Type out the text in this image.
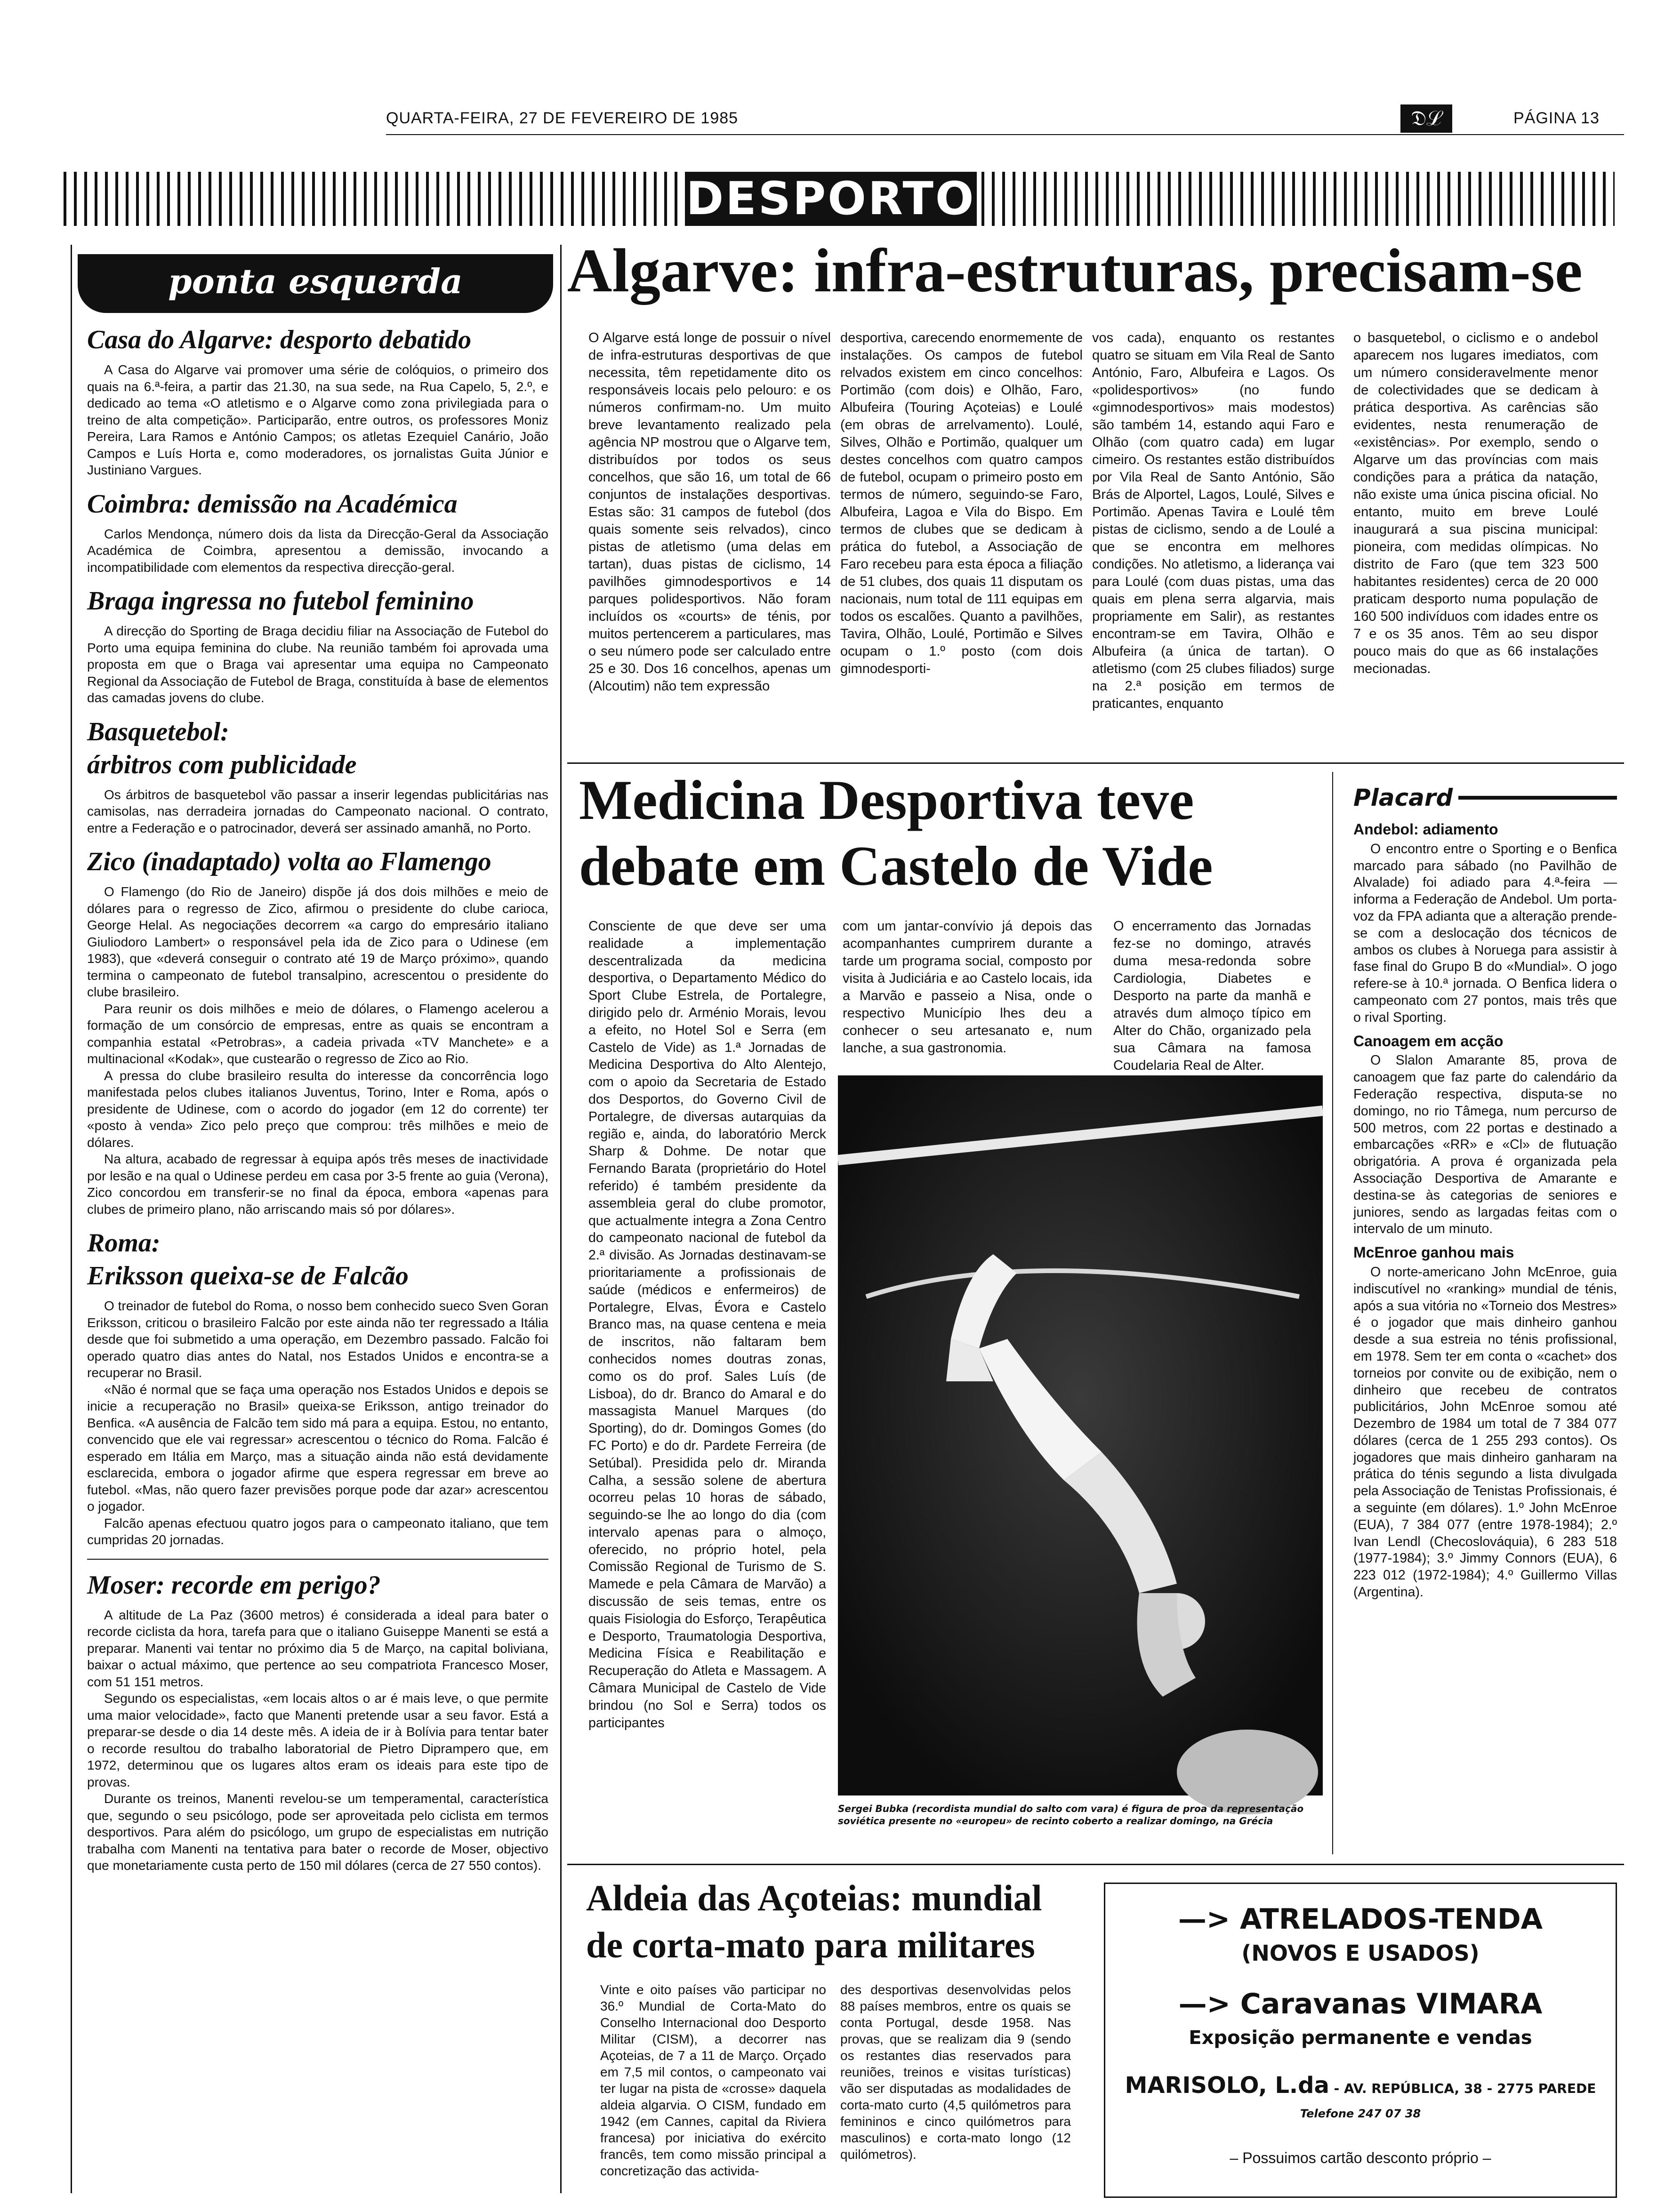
QUARTA-FEIRA, 27 DE FEVEREIRO DE 1985	𝔇ℒ	PÁGINA 13
DESPORTO
ponta esquerda
Casa do Algarve: desporto debatido

A Casa do Algarve vai promover uma série de colóquios, o primeiro dos quais na 6.ª-feira, a partir das 21.30, na sua sede, na Rua Capelo, 5, 2.º, e dedicado ao tema «O atletismo e o Algarve como zona privilegiada para o treino de alta competição». Participarão, entre outros, os professores Moniz Pereira, Lara Ramos e António Campos; os atletas Ezequiel Canário, João Campos e Luís Horta e, como moderadores, os jornalistas Guita Júnior e Justiniano Vargues.

Coimbra: demissão na Académica

Carlos Mendonça, número dois da lista da Direcção-Geral da Associação Académica de Coimbra, apresentou a demissão, invocando a incompatibilidade com elementos da respectiva direcção-geral.

Braga ingressa no futebol feminino

A direcção do Sporting de Braga decidiu filiar na Associação de Futebol do Porto uma equipa feminina do clube. Na reunião também foi aprovada uma proposta em que o Braga vai apresentar uma equipa no Campeonato Regional da Associação de Futebol de Braga, constituída à base de elementos das camadas jovens do clube.

Basquetebol:
árbitros com publicidade

Os árbitros de basquetebol vão passar a inserir legendas publicitárias nas camisolas, nas derradeira jornadas do Campeonato nacional. O contrato, entre a Federação e o patrocinador, deverá ser assinado amanhã, no Porto.

Zico (inadaptado) volta ao Flamengo

O Flamengo (do Rio de Janeiro) dispõe já dos dois milhões e meio de dólares para o regresso de Zico, afirmou o presidente do clube carioca, George Helal. As negociações decorrem «a cargo do empresário italiano Giuliodoro Lambert» o responsável pela ida de Zico para o Udinese (em 1983), que «deverá conseguir o contrato até 19 de Março próximo», quando termina o campeonato de futebol transalpino, acrescentou o presidente do clube brasileiro.

Para reunir os dois milhões e meio de dólares, o Flamengo acelerou a formação de um consórcio de empresas, entre as quais se encontram a companhia estatal «Petrobras», a cadeia privada «TV Manchete» e a multinacional «Kodak», que custearão o regresso de Zico ao Rio.

A pressa do clube brasileiro resulta do interesse da concorrência logo manifestada pelos clubes italianos Juventus, Torino, Inter e Roma, após o presidente de Udinese, com o acordo do jogador (em 12 do corrente) ter «posto à venda» Zico pelo preço que comprou: três milhões e meio de dólares.

Na altura, acabado de regressar à equipa após três meses de inactividade por lesão e na qual o Udinese perdeu em casa por 3-5 frente ao guia (Verona), Zico concordou em transferir-se no final da época, embora «apenas para clubes de primeiro plano, não arriscando mais só por dólares».

Roma:
Eriksson queixa-se de Falcão

O treinador de futebol do Roma, o nosso bem conhecido sueco Sven Goran Eriksson, criticou o brasileiro Falcão por este ainda não ter regressado a Itália desde que foi submetido a uma operação, em Dezembro passado. Falcão foi operado quatro dias antes do Natal, nos Estados Unidos e encontra-se a recuperar no Brasil.

«Não é normal que se faça uma operação nos Estados Unidos e depois se inicie a recuperação no Brasil» queixa-se Eriksson, antigo treinador do Benfica. «A ausência de Falcão tem sido má para a equipa. Estou, no entanto, convencido que ele vai regressar» acrescentou o técnico do Roma. Falcão é esperado em Itália em Março, mas a situação ainda não está devidamente esclarecida, embora o jogador afirme que espera regressar em breve ao futebol. «Mas, não quero fazer previsões porque pode dar azar» acrescentou o jogador.

Falcão apenas efectuou quatro jogos para o campeonato italiano, que tem cumpridas 20 jornadas.

Moser: recorde em perigo?

A altitude de La Paz (3600 metros) é considerada a ideal para bater o recorde ciclista da hora, tarefa para que o italiano Guiseppe Manenti se está a preparar. Manenti vai tentar no próximo dia 5 de Março, na capital boliviana, baixar o actual máximo, que pertence ao seu compatriota Francesco Moser, com 51 151 metros.

Segundo os especialistas, «em locais altos o ar é mais leve, o que permite uma maior velocidade», facto que Manenti pretende usar a seu favor. Está a preparar-se desde o dia 14 deste mês. A ideia de ir à Bolívia para tentar bater o recorde resultou do trabalho laboratorial de Pietro Diprampero que, em 1972, determinou que os lugares altos eram os ideais para este tipo de provas.

Durante os treinos, Manenti revelou-se um temperamental, característica que, segundo o seu psicólogo, pode ser aproveitada pelo ciclista em termos desportivos. Para além do psicólogo, um grupo de especialistas em nutrição trabalha com Manenti na tentativa para bater o recorde de Moser, objectivo que monetariamente custa perto de 150 mil dólares (cerca de 27 550 contos).

Algarve: infra-estruturas, precisam-se
O Algarve está longe de possuir o nível de infra-estruturas desportivas de que necessita, têm repetidamente dito os responsáveis locais pelo pelouro: e os números confirmam-no. Um muito breve levantamento realizado pela agência NP mostrou que o Algarve tem, distribuídos por todos os seus concelhos, que são 16, um total de 66 conjuntos de instalações desportivas. Estas são: 31 campos de futebol (dos quais somente seis relvados), cinco pistas de atletismo (uma delas em tartan), duas pistas de ciclismo, 14 pavilhões gimnodesportivos e 14 parques polidesportivos. Não foram incluídos os «courts» de ténis, por muitos pertencerem a particulares, mas o seu número pode ser calculado entre 25 e 30. Dos 16 concelhos, apenas um (Alcoutim) não tem expressão
desportiva, carecendo enormemente de instalações. Os campos de futebol relvados existem em cinco concelhos: Portimão (com dois) e Olhão, Faro, Albufeira (Touring Açoteias) e Loulé (em obras de arrelvamento). Loulé, Silves, Olhão e Portimão, qualquer um destes concelhos com quatro campos de futebol, ocupam o primeiro posto em termos de número, seguindo-se Faro, Albufeira, Lagoa e Vila do Bispo. Em termos de clubes que se dedicam à prática do futebol, a Associação de Faro recebeu para esta época a filiação de 51 clubes, dos quais 11 disputam os nacionais, num total de 111 equipas em todos os escalões. Quanto a pavilhões, Tavira, Olhão, Loulé, Portimão e Silves ocupam o 1.º posto (com dois gimnodesporti-
vos cada), enquanto os restantes quatro se situam em Vila Real de Santo António, Faro, Albufeira e Lagos. Os «polidesportivos» (no fundo «gimnodesportivos» mais modestos) são também 14, estando aqui Faro e Olhão (com quatro cada) em lugar cimeiro. Os restantes estão distribuídos por Vila Real de Santo António, São Brás de Alportel, Lagos, Loulé, Silves e Portimão. Apenas Tavira e Loulé têm pistas de ciclismo, sendo a de Loulé a que se encontra em melhores condições. No atletismo, a liderança vai para Loulé (com duas pistas, uma das quais em plena serra algarvia, mais propriamente em Salir), as restantes encontram-se em Tavira, Olhão e Albufeira (a única de tartan). O atletismo (com 25 clubes filiados) surge na 2.ª posição em termos de praticantes, enquanto
o basquetebol, o ciclismo e o andebol aparecem nos lugares imediatos, com um número consideravelmente menor de colectividades que se dedicam à prática desportiva. As carências são evidentes, nesta renumeração de «existências». Por exemplo, sendo o Algarve um das províncias com mais condições para a prática da natação, não existe uma única piscina oficial. No entanto, muito em breve Loulé inaugurará a sua piscina municipal: pioneira, com medidas olímpicas. No distrito de Faro (que tem 323 500 habitantes residentes) cerca de 20 000 praticam desporto numa população de 160 500 indivíduos com idades entre os 7 e os 35 anos. Têm ao seu dispor pouco mais do que as 66 instalações mecionadas.
Medicina Desportiva teve
debate em Castelo de Vide
Consciente de que deve ser uma realidade a implementação descentralizada da medicina desportiva, o Departamento Médico do Sport Clube Estrela, de Portalegre, dirigido pelo dr. Arménio Morais, levou a efeito, no Hotel Sol e Serra (em Castelo de Vide) as 1.ª Jornadas de Medicina Desportiva do Alto Alentejo, com o apoio da Secretaria de Estado dos Desportos, do Governo Civil de Portalegre, de diversas autarquias da região e, ainda, do laboratório Merck Sharp & Dohme. De notar que Fernando Barata (proprietário do Hotel referido) é também presidente da assembleia geral do clube promotor, que actualmente integra a Zona Centro do campeonato nacional de futebol da 2.ª divisão. As Jornadas destinavam-se prioritariamente a profissionais de saúde (médicos e enfermeiros) de Portalegre, Elvas, Évora e Castelo Branco mas, na quase centena e meia de inscritos, não faltaram bem conhecidos nomes doutras zonas, como os do prof. Sales Luís (de Lisboa), do dr. Branco do Amaral e do massagista Manuel Marques (do Sporting), do dr. Domingos Gomes (do FC Porto) e do dr. Pardete Ferreira (de Setúbal). Presidida pelo dr. Miranda Calha, a sessão solene de abertura ocorreu pelas 10 horas de sábado, seguindo-se lhe ao longo do dia (com intervalo apenas para o almoço, oferecido, no próprio hotel, pela Comissão Regional de Turismo de S. Mamede e pela Câmara de Marvão) a discussão de seis temas, entre os quais Fisiologia do Esforço, Terapêutica e Desporto, Traumatologia Desportiva, Medicina Física e Reabilitação e Recuperação do Atleta e Massagem. A Câmara Municipal de Castelo de Vide brindou (no Sol e Serra) todos os participantes
com um jantar-convívio já depois das acompanhantes cumprirem durante a tarde um programa social, composto por visita à Judiciária e ao Castelo locais, ida a Marvão e passeio a Nisa, onde o respectivo Município lhes deu a conhecer o seu artesanato e, num lanche, a sua gastronomia.
O encerramento das Jornadas fez-se no domingo, através duma mesa-redonda sobre Cardiologia, Diabetes e Desporto na parte da manhã e através dum almoço típico em Alter do Chão, organizado pela sua Câmara na famosa Coudelaria Real de Alter.
Sergei Bubka (recordista mundial do salto com vara) é figura de proa da representação soviética presente no «europeu» de recinto coberto a realizar domingo, na Grécia
Placard
Andebol: adiamento

O encontro entre o Sporting e o Benfica marcado para sábado (no Pavilhão de Alvalade) foi adiado para 4.ª-feira — informa a Federação de Andebol. Um porta-voz da FPA adianta que a alteração prende-se com a deslocação dos técnicos de ambos os clubes à Noruega para assistir à fase final do Grupo B do «Mundial». O jogo refere-se à 10.ª jornada. O Benfica lidera o campeonato com 27 pontos, mais três que o rival Sporting.

Canoagem em acção

O Slalon Amarante 85, prova de canoagem que faz parte do calendário da Federação respectiva, disputa-se no domingo, no rio Tâmega, num percurso de 500 metros, com 22 portas e destinado a embarcações «RR» e «Cl» de flutuação obrigatória. A prova é organizada pela Associação Desportiva de Amarante e destina-se às categorias de seniores e juniores, sendo as largadas feitas com o intervalo de um minuto.

McEnroe ganhou mais

O norte-americano John McEnroe, guia indiscutível no «ranking» mundial de ténis, após a sua vitória no «Torneio dos Mestres» é o jogador que mais dinheiro ganhou desde a sua estreia no ténis profissional, em 1978. Sem ter em conta o «cachet» dos torneios por convite ou de exibição, nem o dinheiro que recebeu de contratos publicitários, John McEnroe somou até Dezembro de 1984 um total de 7 384 077 dólares (cerca de 1 255 293 contos). Os jogadores que mais dinheiro ganharam na prática do ténis segundo a lista divulgada pela Associação de Tenistas Profissionais, é a seguinte (em dólares). 1.º John McEnroe (EUA), 7 384 077 (entre 1978-1984); 2.º Ivan Lendl (Checoslováquia), 6 283 518 (1977-1984); 3.º Jimmy Connors (EUA), 6 223 012 (1972-1984); 4.º Guillermo Villas (Argentina).

Aldeia das Açoteias: mundial
de corta-mato para militares
Vinte e oito países vão participar no 36.º Mundial de Corta-Mato do Conselho Internacional doo Desporto Militar (CISM), a decorrer nas Açoteias, de 7 a 11 de Março. Orçado em 7,5 mil contos, o campeonato vai ter lugar na pista de «crosse» daquela aldeia algarvia. O CISM, fundado em 1942 (em Cannes, capital da Riviera francesa) por iniciativa do exército francês, tem como missão principal a concretização das activida-
des desportivas desenvolvidas pelos 88 países membros, entre os quais se conta Portugal, desde 1958. Nas provas, que se realizam dia 9 (sendo os restantes dias reservados para reuniões, treinos e visitas turísticas) vão ser disputadas as modalidades de corta-mato curto (4,5 quilómetros para femininos e cinco quilómetros para masculinos) e corta-mato longo (12 quilómetros).
—> ATRELADOS-TENDA
(NOVOS E USADOS)
—> Caravanas VIMARA
Exposição permanente e vendas
MARISOLO, L.da - AV. REPÚBLICA, 38 - 2775 PAREDE
Telefone 247 07 38
– Possuimos cartão desconto próprio –
